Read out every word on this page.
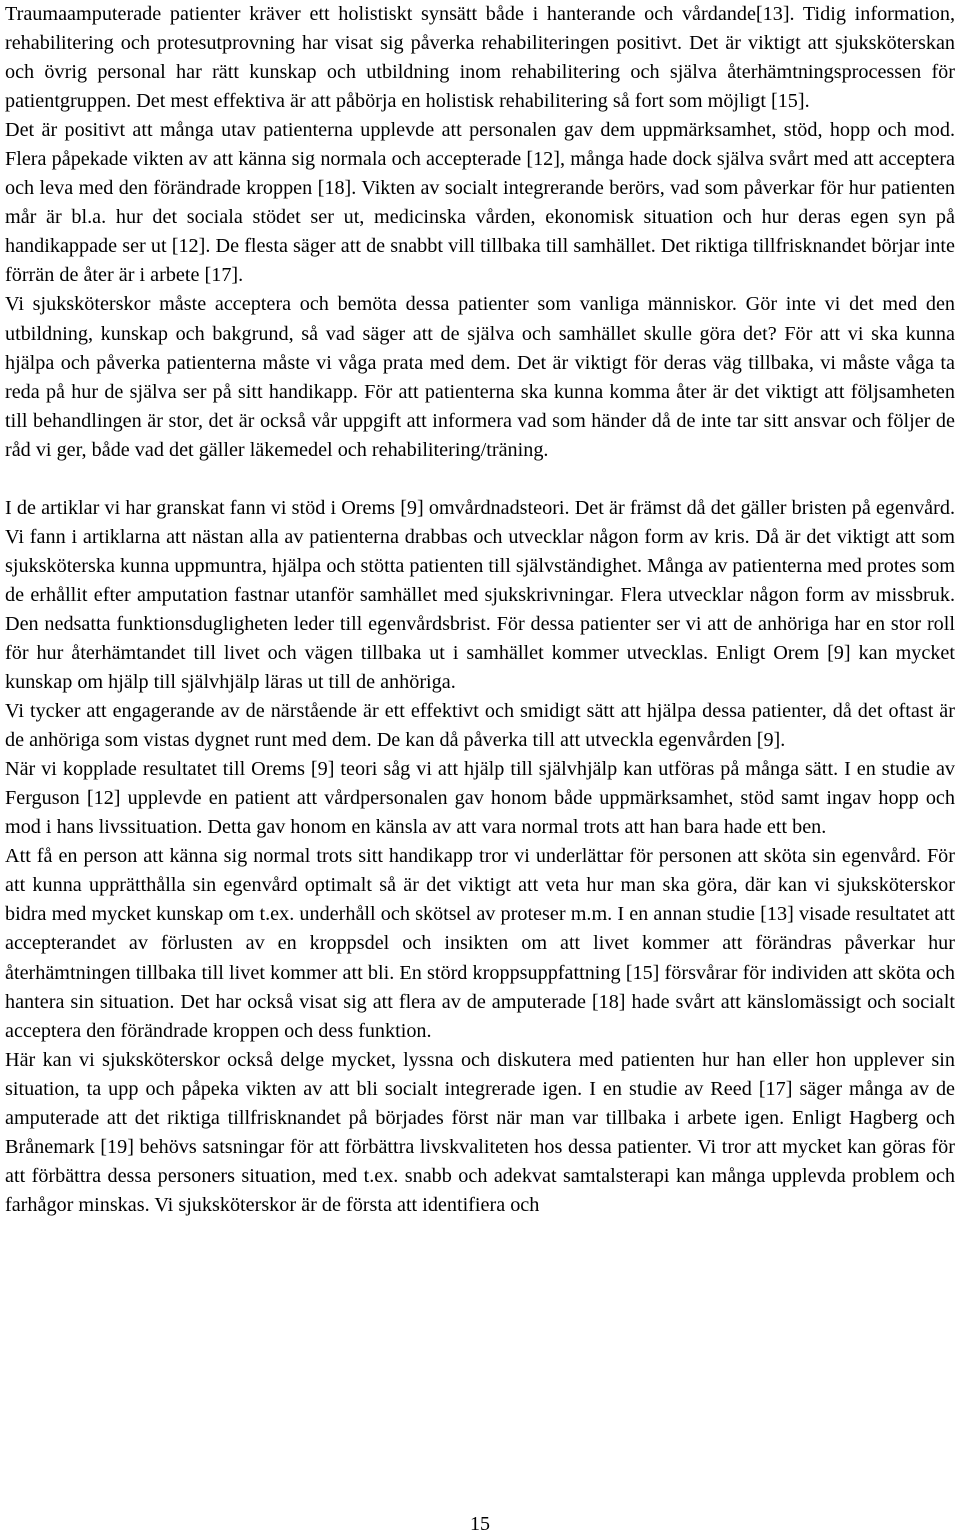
Traumaamputerade patienter kräver ett holistiskt synsätt både i hanterande och vårdande[13]. Tidig information, rehabilitering och protesutprovning har visat sig påverka rehabiliteringen positivt. Det är viktigt att sjuksköterskan och övrig personal har rätt kunskap och utbildning inom rehabilitering och själva återhämtningsprocessen för patientgruppen. Det mest effektiva är att påbörja en holistisk rehabilitering så fort som möjligt [15].

Det är positivt att många utav patienterna upplevde att personalen gav dem uppmärksamhet, stöd, hopp och mod. Flera påpekade vikten av att känna sig normala och accepterade [12], många hade dock själva svårt med att acceptera och leva med den förändrade kroppen [18]. Vikten av socialt integrerande berörs, vad som påverkar för hur patienten mår är bl.a. hur det sociala stödet ser ut, medicinska vården, ekonomisk situation och hur deras egen syn på handikappade ser ut [12]. De flesta säger att de snabbt vill tillbaka till samhället. Det riktiga tillfrisknandet börjar inte förrän de åter är i arbete [17].

Vi sjuksköterskor måste acceptera och bemöta dessa patienter som vanliga människor. Gör inte vi det med den utbildning, kunskap och bakgrund, så vad säger att de själva och samhället skulle göra det? För att vi ska kunna hjälpa och påverka patienterna måste vi våga prata med dem. Det är viktigt för deras väg tillbaka, vi måste våga ta reda på hur de själva ser på sitt handikapp. För att patienterna ska kunna komma åter är det viktigt att följsamheten till behandlingen är stor, det är också vår uppgift att informera vad som händer då de inte tar sitt ansvar och följer de råd vi ger, både vad det gäller läkemedel och rehabilitering/träning.

I de artiklar vi har granskat fann vi stöd i Orems [9] omvårdnadsteori. Det är främst då det gäller bristen på egenvård. Vi fann i artiklarna att nästan alla av patienterna drabbas och utvecklar någon form av kris. Då är det viktigt att som sjuksköterska kunna uppmuntra, hjälpa och stötta patienten till självständighet. Många av patienterna med protes som de erhållit efter amputation fastnar utanför samhället med sjukskrivningar. Flera utvecklar någon form av missbruk. Den nedsatta funktionsdugligheten leder till egenvårdsbrist. För dessa patienter ser vi att de anhöriga har en stor roll för hur återhämtandet till livet och vägen tillbaka ut i samhället kommer utvecklas. Enligt Orem [9] kan mycket kunskap om hjälp till självhjälp läras ut till de anhöriga.

Vi tycker att engagerande av de närstående är ett effektivt och smidigt sätt att hjälpa dessa patienter, då det oftast är de anhöriga som vistas dygnet runt med dem. De kan då påverka till att utveckla egenvården [9].

När vi kopplade resultatet till Orems [9] teori såg vi att hjälp till självhjälp kan utföras på många sätt. I en studie av Ferguson [12] upplevde en patient att vårdpersonalen gav honom både uppmärksamhet, stöd samt ingav hopp och mod i hans livssituation. Detta gav honom en känsla av att vara normal trots att han bara hade ett ben.

Att få en person att känna sig normal trots sitt handikapp tror vi underlättar för personen att sköta sin egenvård. För att kunna upprätthålla sin egenvård optimalt så är det viktigt att veta hur man ska göra, där kan vi sjuksköterskor bidra med mycket kunskap om t.ex. underhåll och skötsel av proteser m.m. I en annan studie [13] visade resultatet att accepterandet av förlusten av en kroppsdel och insikten om att livet kommer att förändras påverkar hur återhämtningen tillbaka till livet kommer att bli. En störd kroppsuppfattning [15] försvårar för individen att sköta och hantera sin situation. Det har också visat sig att flera av de amputerade [18] hade svårt att känslomässigt och socialt acceptera den förändrade kroppen och dess funktion.

Här kan vi sjuksköterskor också delge mycket, lyssna och diskutera med patienten hur han eller hon upplever sin situation, ta upp och påpeka vikten av att bli socialt integrerade igen. I en studie av Reed [17] säger många av de amputerade att det riktiga tillfrisknandet på börjades först när man var tillbaka i arbete igen. Enligt Hagberg och Brånemark [19] behövs satsningar för att förbättra livskvaliteten hos dessa patienter. Vi tror att mycket kan göras för att förbättra dessa personers situation, med t.ex. snabb och adekvat samtalsterapi kan många upplevda problem och farhågor minskas. Vi sjuksköterskor är de första att identifiera och

15
